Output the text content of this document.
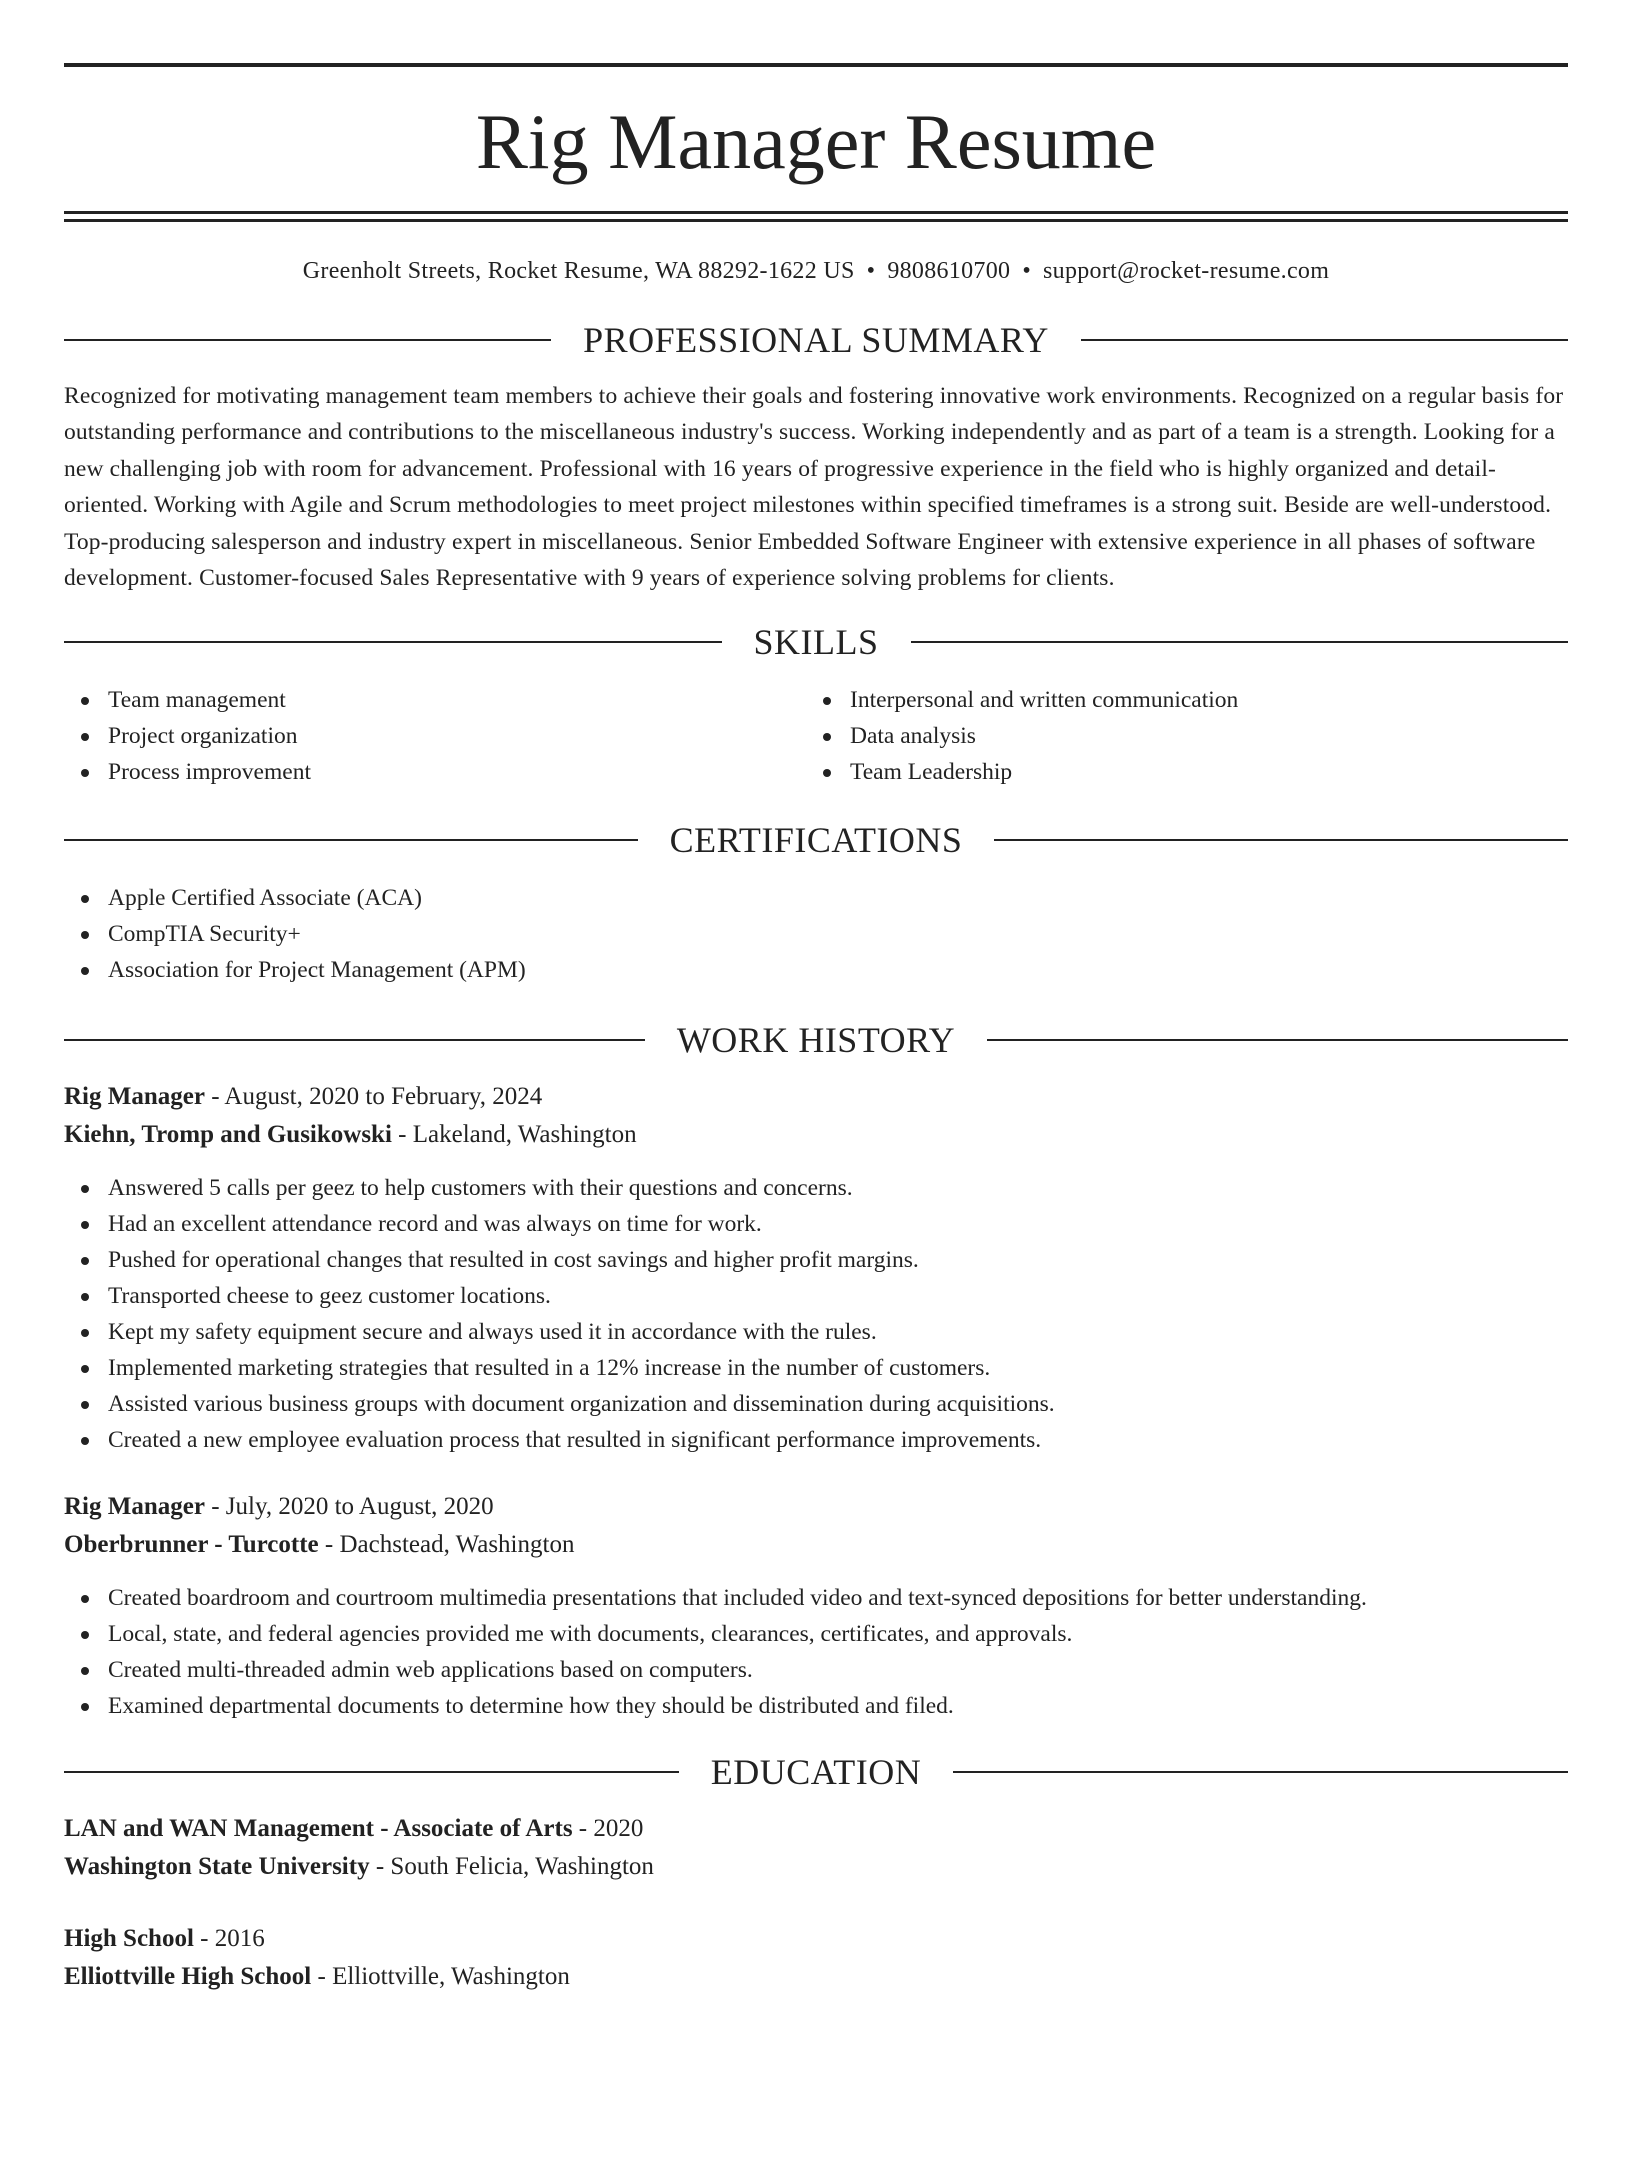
Rig Manager Resume
Greenholt Streets, Rocket Resume, WA 88292-1622 US • 9808610700 • support@rocket-resume.com
PROFESSIONAL SUMMARY

Recognized for motivating management team members to achieve their goals and fostering innovative work environments. Recognized on a regular basis for outstanding performance and contributions to the miscellaneous industry's success. Working independently and as part of a team is a strength. Looking for a new challenging job with room for advancement. Professional with 16 years of progressive experience in the field who is highly organized and detail-oriented. Working with Agile and Scrum methodologies to meet project milestones within specified timeframes is a strong suit. Beside are well-understood. Top-producing salesperson and industry expert in miscellaneous. Senior Embedded Software Engineer with extensive experience in all phases of software development. Customer-focused Sales Representative with 9 years of experience solving problems for clients.

SKILLS
Team management
Project organization
Process improvement
Interpersonal and written communication
Data analysis
Team Leadership
CERTIFICATIONS
Apple Certified Associate (ACA)
CompTIA Security+
Association for Project Management (APM)
WORK HISTORY
Rig Manager - August, 2020 to February, 2024
Kiehn, Tromp and Gusikowski - Lakeland, Washington
Answered 5 calls per geez to help customers with their questions and concerns.
Had an excellent attendance record and was always on time for work.
Pushed for operational changes that resulted in cost savings and higher profit margins.
Transported cheese to geez customer locations.
Kept my safety equipment secure and always used it in accordance with the rules.
Implemented marketing strategies that resulted in a 12% increase in the number of customers.
Assisted various business groups with document organization and dissemination during acquisitions.
Created a new employee evaluation process that resulted in significant performance improvements.
Rig Manager - July, 2020 to August, 2020
Oberbrunner - Turcotte - Dachstead, Washington
Created boardroom and courtroom multimedia presentations that included video and text-synced depositions for better understanding.
Local, state, and federal agencies provided me with documents, clearances, certificates, and approvals.
Created multi-threaded admin web applications based on computers.
Examined departmental documents to determine how they should be distributed and filed.
EDUCATION
LAN and WAN Management - Associate of Arts - 2020
Washington State University - South Felicia, Washington
High School - 2016
Elliottville High School - Elliottville, Washington
